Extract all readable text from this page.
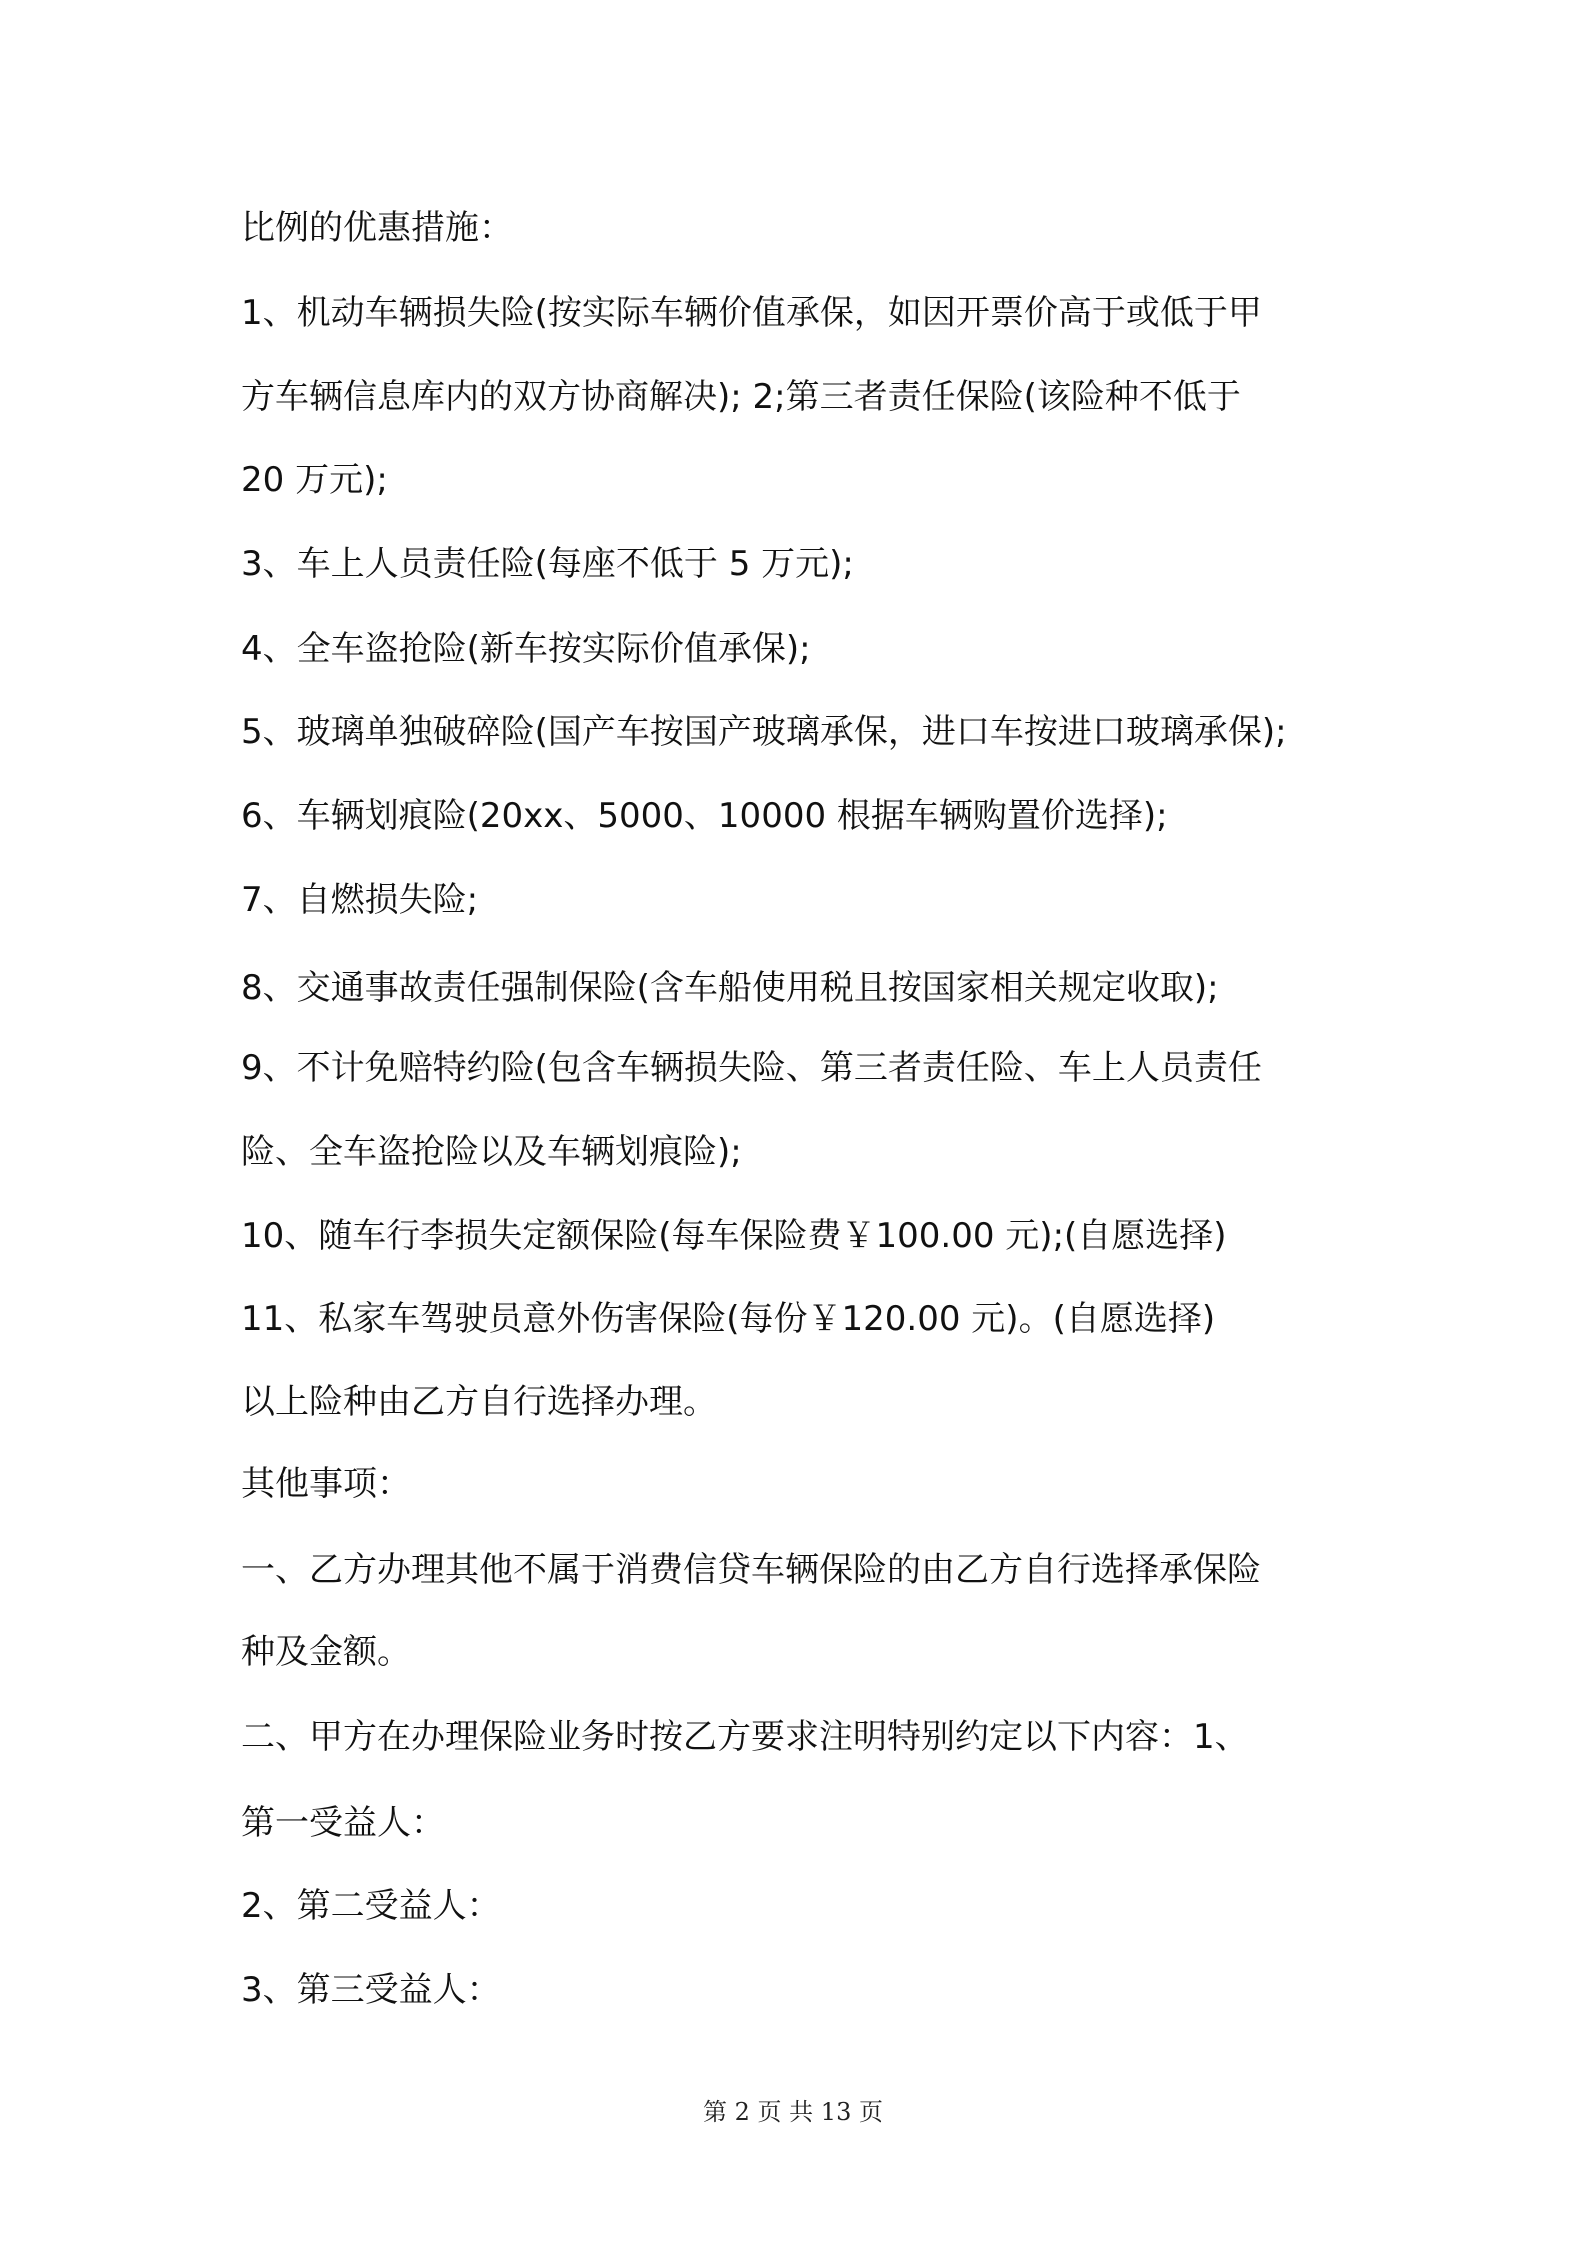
比例的优惠措施：
1、机动车辆损失险(按实际车辆价值承保，如因开票价高于或低于甲
方车辆信息库内的双方协商解决); 2;第三者责任保险(该险种不低于
20 万元);
3、车上人员责任险(每座不低于 5 万元);
4、全车盗抢险(新车按实际价值承保);
5、玻璃单独破碎险(国产车按国产玻璃承保，进口车按进口玻璃承保);
6、车辆划痕险(20xx、5000、10000 根据车辆购置价选择);
7、自燃损失险;
8、交通事故责任强制保险(含车船使用税且按国家相关规定收取);
9、不计免赔特约险(包含车辆损失险、第三者责任险、车上人员责任
险、全车盗抢险以及车辆划痕险);
10、随车行李损失定额保险(每车保险费￥100.00 元);(自愿选择)
11、私家车驾驶员意外伤害保险(每份￥120.00 元)。(自愿选择)
以上险种由乙方自行选择办理。
其他事项：
一、乙方办理其他不属于消费信贷车辆保险的由乙方自行选择承保险
种及金额。
二、甲方在办理保险业务时按乙方要求注明特别约定以下内容：1、
第一受益人：
2、第二受益人：
3、第三受益人：
第 2 页 共 13 页
